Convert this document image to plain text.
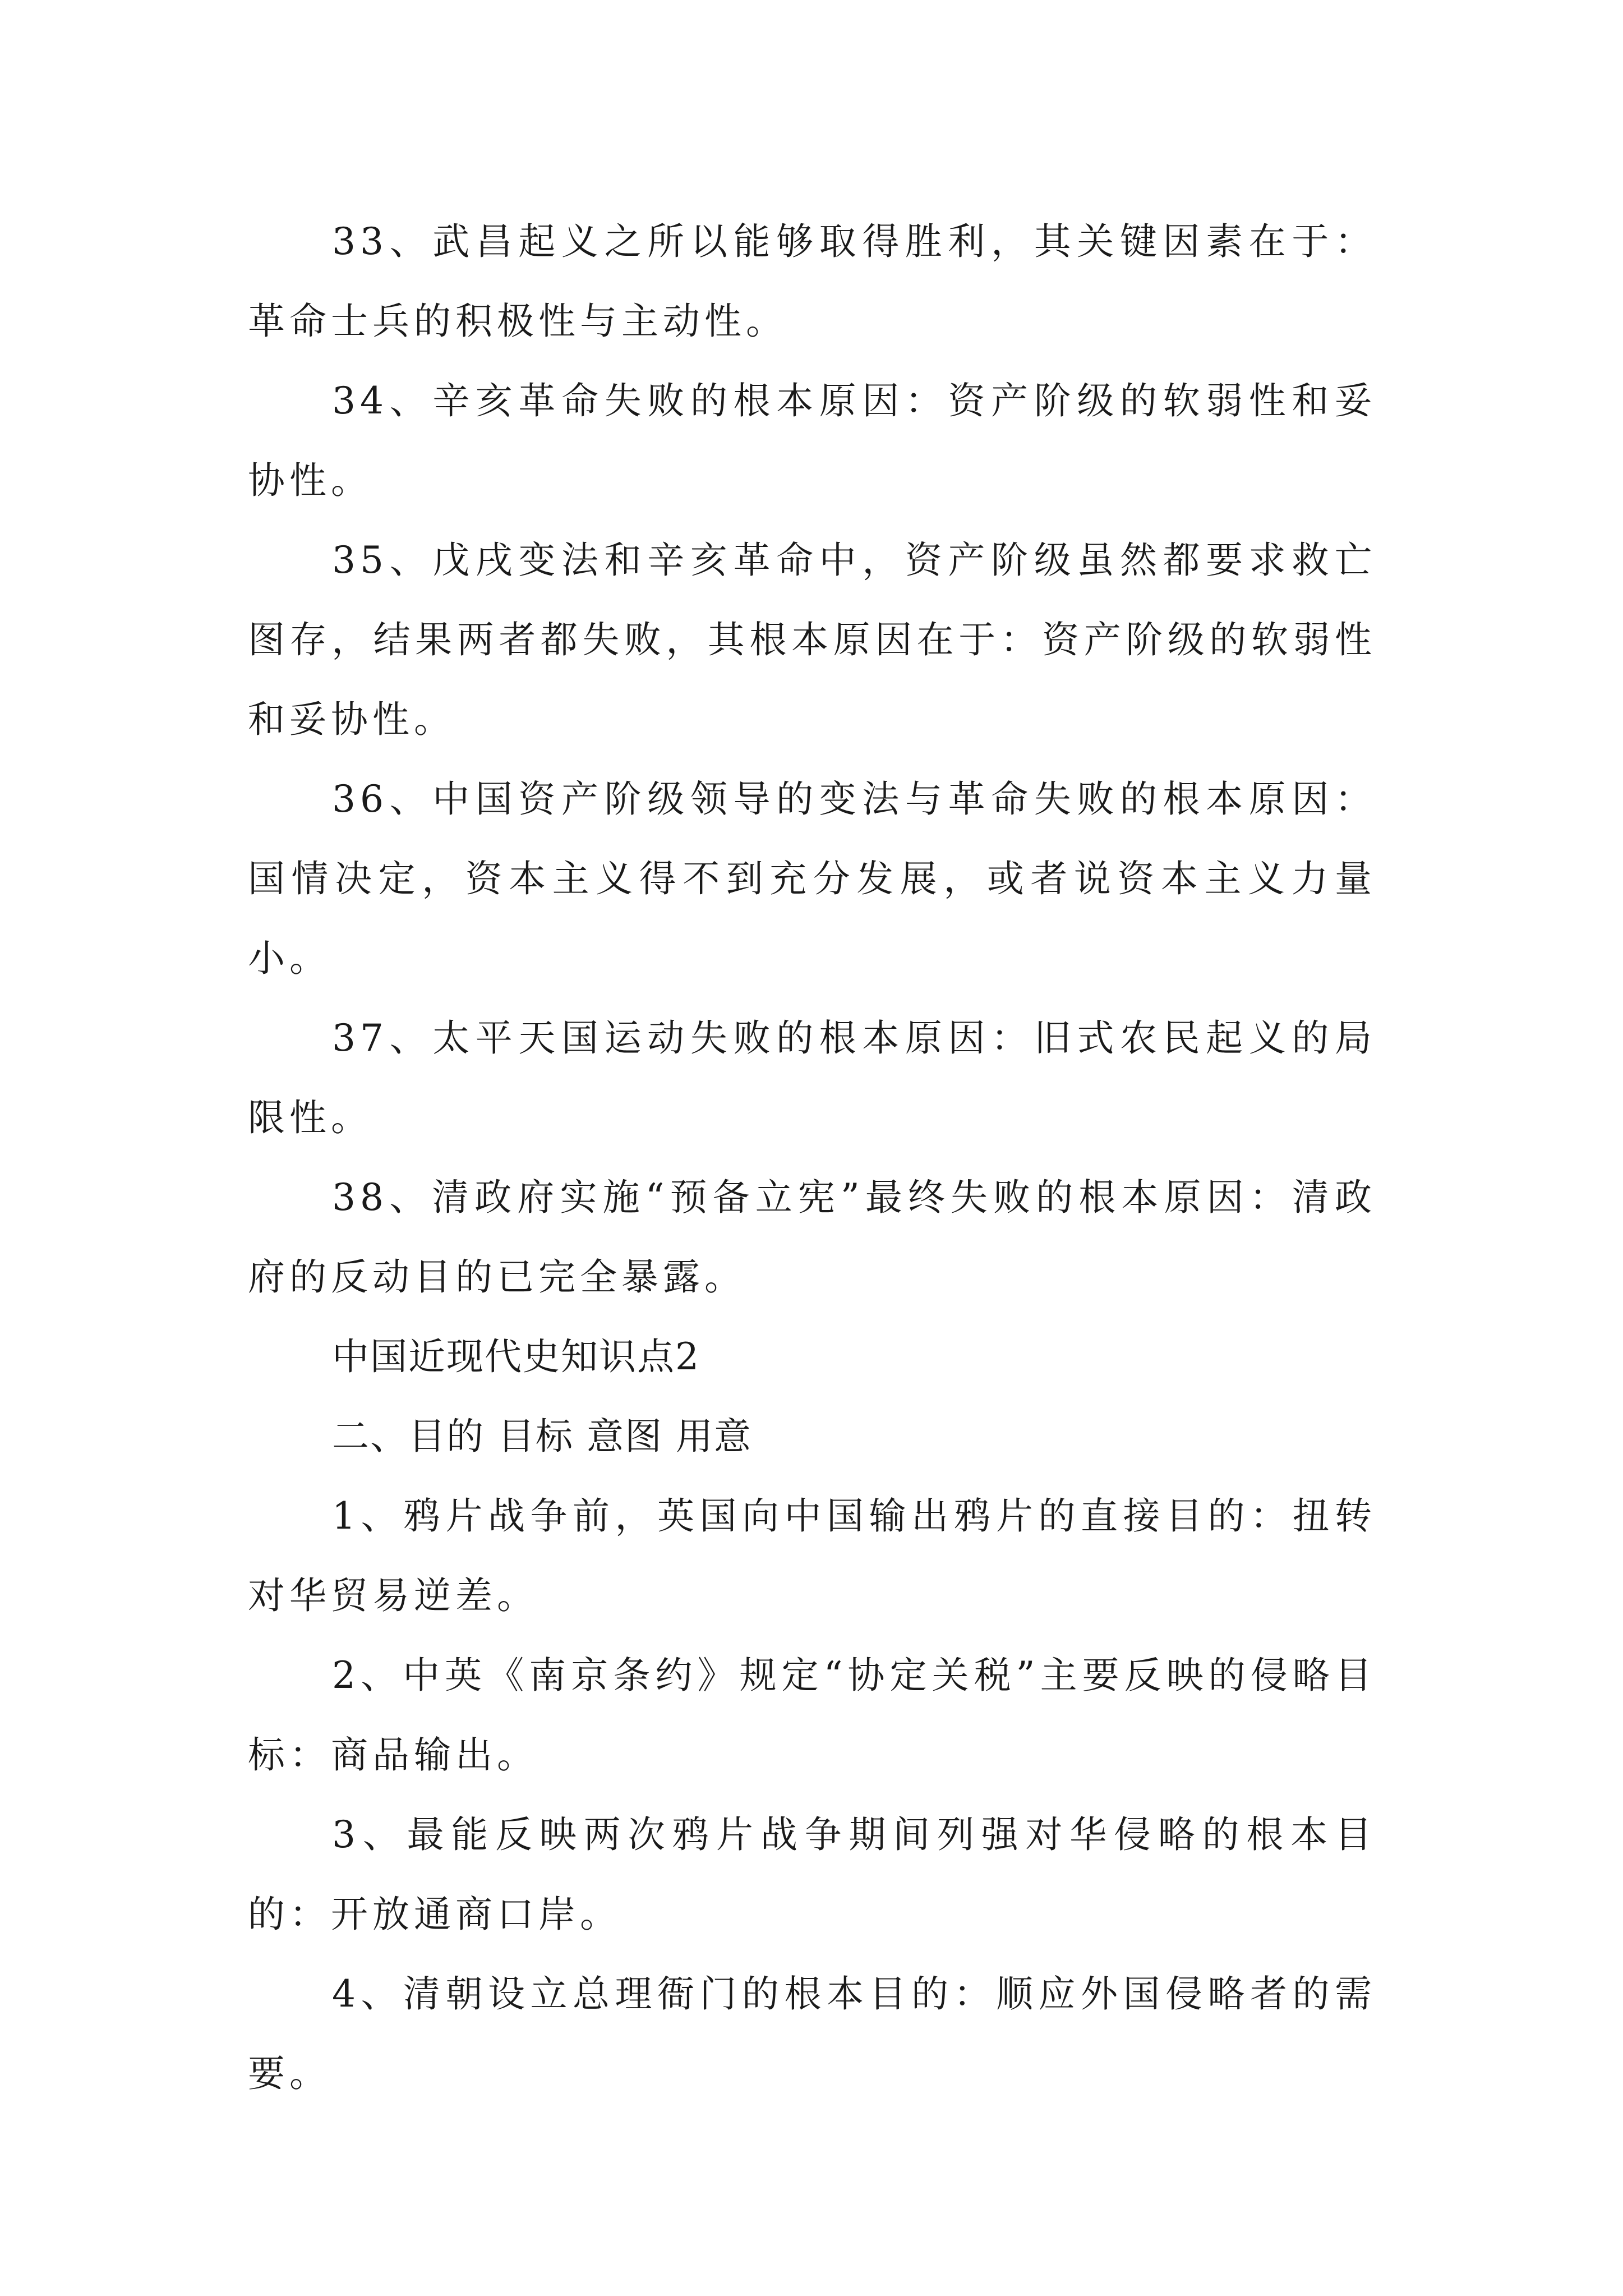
33、武昌起义之所以能够取得胜利，其关键因素在于：革命士兵的积极性与主动性。

34、辛亥革命失败的根本原因：资产阶级的软弱性和妥协性。

35、戊戌变法和辛亥革命中，资产阶级虽然都要求救亡图存，结果两者都失败，其根本原因在于：资产阶级的软弱性和妥协性。

36、中国资产阶级领导的变法与革命失败的根本原因：国情决定，资本主义得不到充分发展，或者说资本主义力量小。

37、太平天国运动失败的根本原因：旧式农民起义的局限性。

38、清政府实施“预备立宪”最终失败的根本原因：清政府的反动目的已完全暴露。

中国近现代史知识点2

二、目的 目标 意图 用意

1、鸦片战争前，英国向中国输出鸦片的直接目的：扭转对华贸易逆差。

2、中英《南京条约》规定“协定关税”主要反映的侵略目标：商品输出。

3、最能反映两次鸦片战争期间列强对华侵略的根本目的：开放通商口岸。

4、清朝设立总理衙门的根本目的：顺应外国侵略者的需要。
